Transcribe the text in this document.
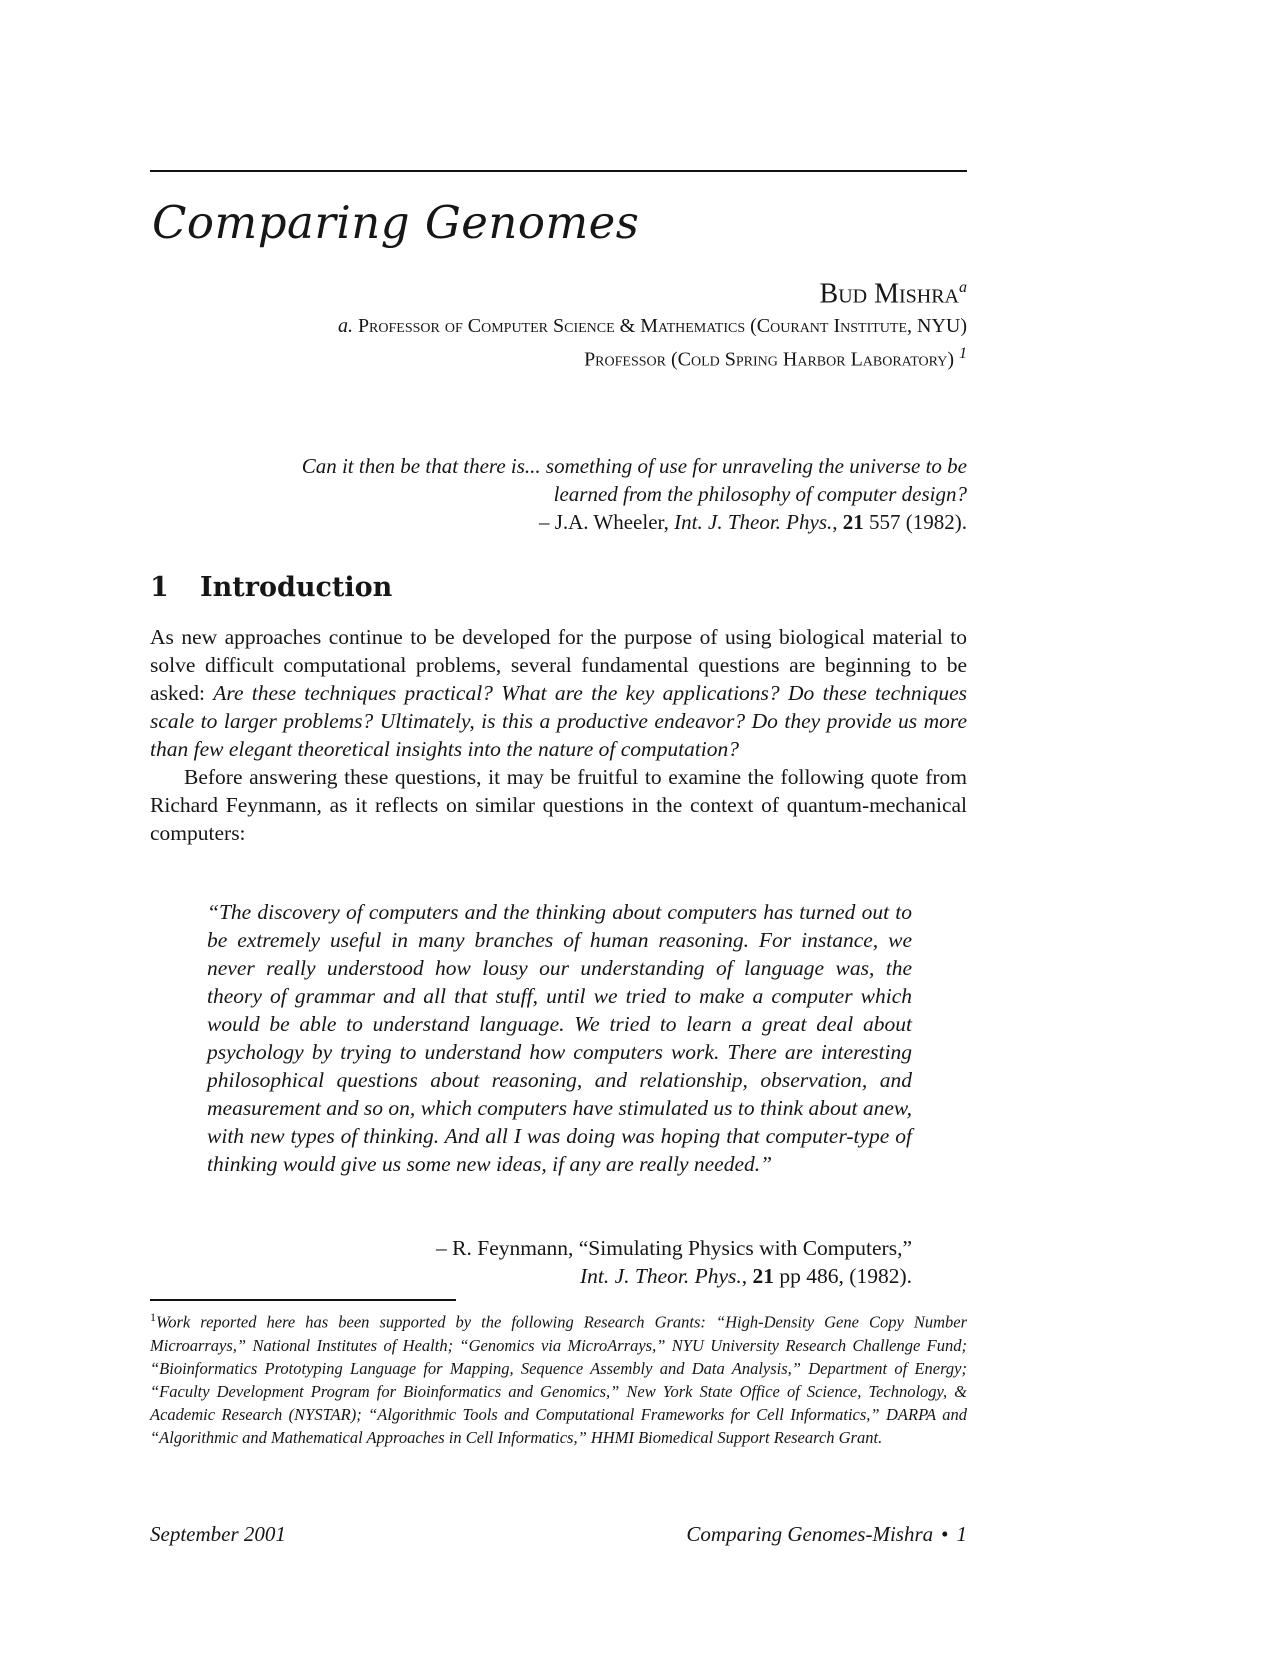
Comparing Genomes
Bud Mishra$^a$
a. Professor of Computer Science & Mathematics (Courant Institute, NYU)
Professor (Cold Spring Harbor Laboratory) $^1$
Can it then be that there is... something of use for unraveling the universe to be
learned from the philosophy of computer design?
– J.A. Wheeler, Int. J. Theor. Phys., 21 557 (1982).
1 Introduction

As new approaches continue to be developed for the purpose of using biological material to solve difficult computational problems, several fundamental questions are beginning to be asked: Are these techniques practical? What are the key applications? Do these techniques scale to larger problems? Ultimately, is this a productive endeavor? Do they provide us more than few elegant theoretical insights into the nature of computation?

Before answering these questions, it may be fruitful to examine the following quote from Richard Feynmann, as it reflects on similar questions in the context of quantum-mechanical computers:

“The discovery of computers and the thinking about computers has turned out to be extremely useful in many branches of human reasoning. For instance, we never really understood how lousy our understanding of language was, the theory of grammar and all that stuff, until we tried to make a computer which would be able to understand language. We tried to learn a great deal about psychology by trying to understand how computers work. There are interesting philosophical questions about reasoning, and relationship, observation, and measurement and so on, which computers have stimulated us to think about anew, with new types of thinking. And all I was doing was hoping that computer-type of thinking would give us some new ideas, if any are really needed.”
– R. Feynmann, “Simulating Physics with Computers,”
Int. J. Theor. Phys., 21 pp 486, (1982).
$^1$Work reported here has been supported by the following Research Grants: “High-Density Gene Copy Number Microarrays,” National Institutes of Health; “Genomics via MicroArrays,” NYU University Research Challenge Fund; “Bioinformatics Prototyping Language for Mapping, Sequence Assembly and Data Analysis,” Department of Energy; “Faculty Development Program for Bioinformatics and Genomics,” New York State Office of Science, Technology, & Academic Research (NYSTAR); “Algorithmic Tools and Computational Frameworks for Cell Informatics,” DARPA and “Algorithmic and Mathematical Approaches in Cell Informatics,” HHMI Biomedical Support Research Grant.
September 2001	Comparing Genomes-Mishra • 1
